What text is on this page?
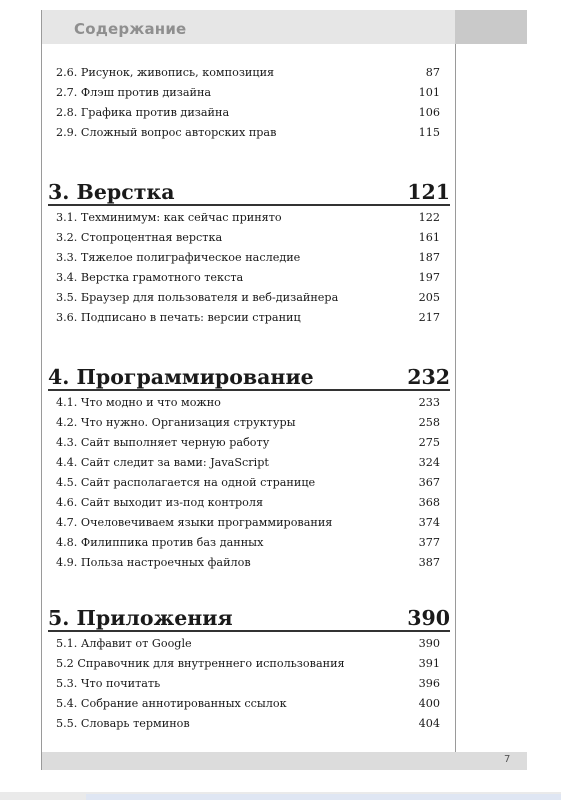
Содержание
2.6. Рисунок, живопись, композиция	87
2.7. Флэш против дизайна	101
2.8. Графика против дизайна	106
2.9. Сложный вопрос авторских прав	115
3. Верстка	121
3.1. Техминимум: как сейчас принято	122
3.2. Стопроцентная верстка	161
3.3. Тяжелое полиграфическое наследие	187
3.4. Верстка грамотного текста	197
3.5. Браузер для пользователя и веб-дизайнера	205
3.6. Подписано в печать: версии страниц	217
4. Программирование	232
4.1. Что модно и что можно	233
4.2. Что нужно. Организация структуры	258
4.3. Сайт выполняет черную работу	275
4.4. Сайт следит за вами: JavaScript	324
4.5. Сайт располагается на одной странице	367
4.6. Сайт выходит из-под контроля	368
4.7. Очеловечиваем языки программирования	374
4.8. Филиппика против баз данных	377
4.9. Польза настроечных файлов	387
5. Приложения	390
5.1. Алфавит от Google	390
5.2 Справочник для внутреннего использования	391
5.3. Что почитать	396
5.4. Собрание аннотированных ссылок	400
5.5. Словарь терминов	404
7
